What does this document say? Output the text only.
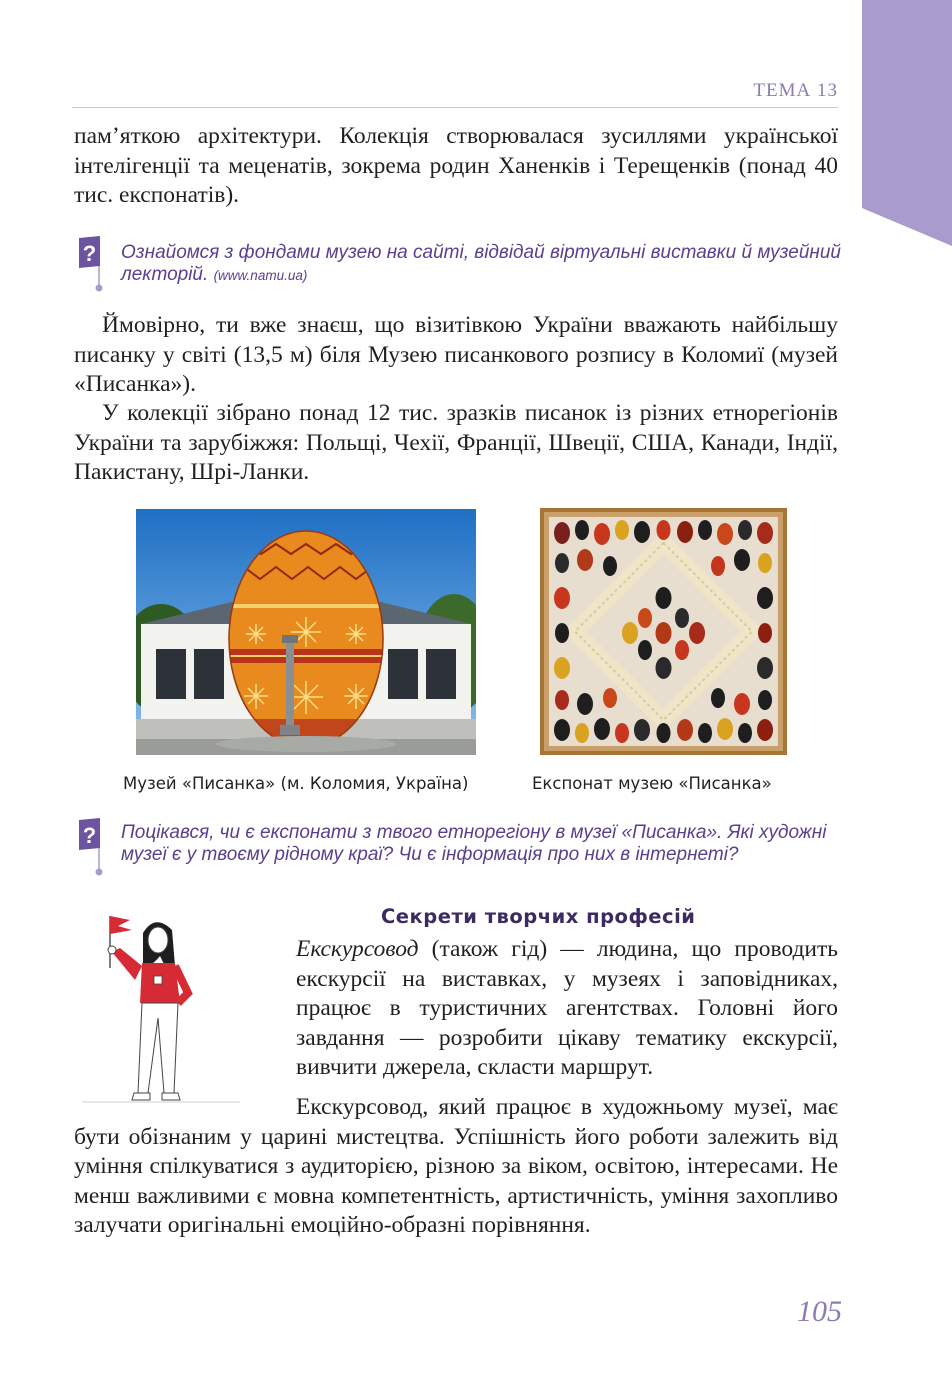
ТЕМА 13

пам’яткою архітектури. Колекція створювалася зусиллями української інтелігенції та меценатів, зокрема родин Ханенків і Терещенків (понад 40 тис. експонатів).

? Ознайомся з фондами музею на сайті, відвідай віртуальні виставки й музейний лекторій. (www.namu.ua)

Ймовірно, ти вже знаєш, що візитівкою України вважають найбільшу писанку у світі (13,5 м) біля Музею писанкового розпису в Коломиї (музей «Писанка»).

У колекції зібрано понад 12 тис. зразків писанок із різних етнорегіонів України та зарубіжжя: Польщі, Чехії, Франції, Швеції, США, Канади, Індії, Пакистану, Шрі-Ланки.

Музей «Писанка» (м. Коломия, Україна)	Експонат музею «Писанка»
? Поцікався, чи є експонати з твого етнорегіону в музеї «Писанка». Які художні музеї є у твоєму рідному краї? Чи є інформація про них в інтернеті?

Секрети творчих професій

Екскурсовод (також гід) — людина, що проводить екскурсії на виставках, у музеях і заповідниках, працює в туристичних агентствах. Головні його завдання — розробити цікаву тематику екскурсії, вивчити джерела, скласти маршрут.

Екскурсовод, який працює в художньому музеї, має бути обізнаним у царині мистецтва. Успішність його роботи залежить від уміння спілкуватися з аудиторією, різною за віком, освітою, інтересами. Не менш важливими є мовна компетентність, артистичність, уміння захопливо залучати оригінальні емоційно-образні порівняння.

105
